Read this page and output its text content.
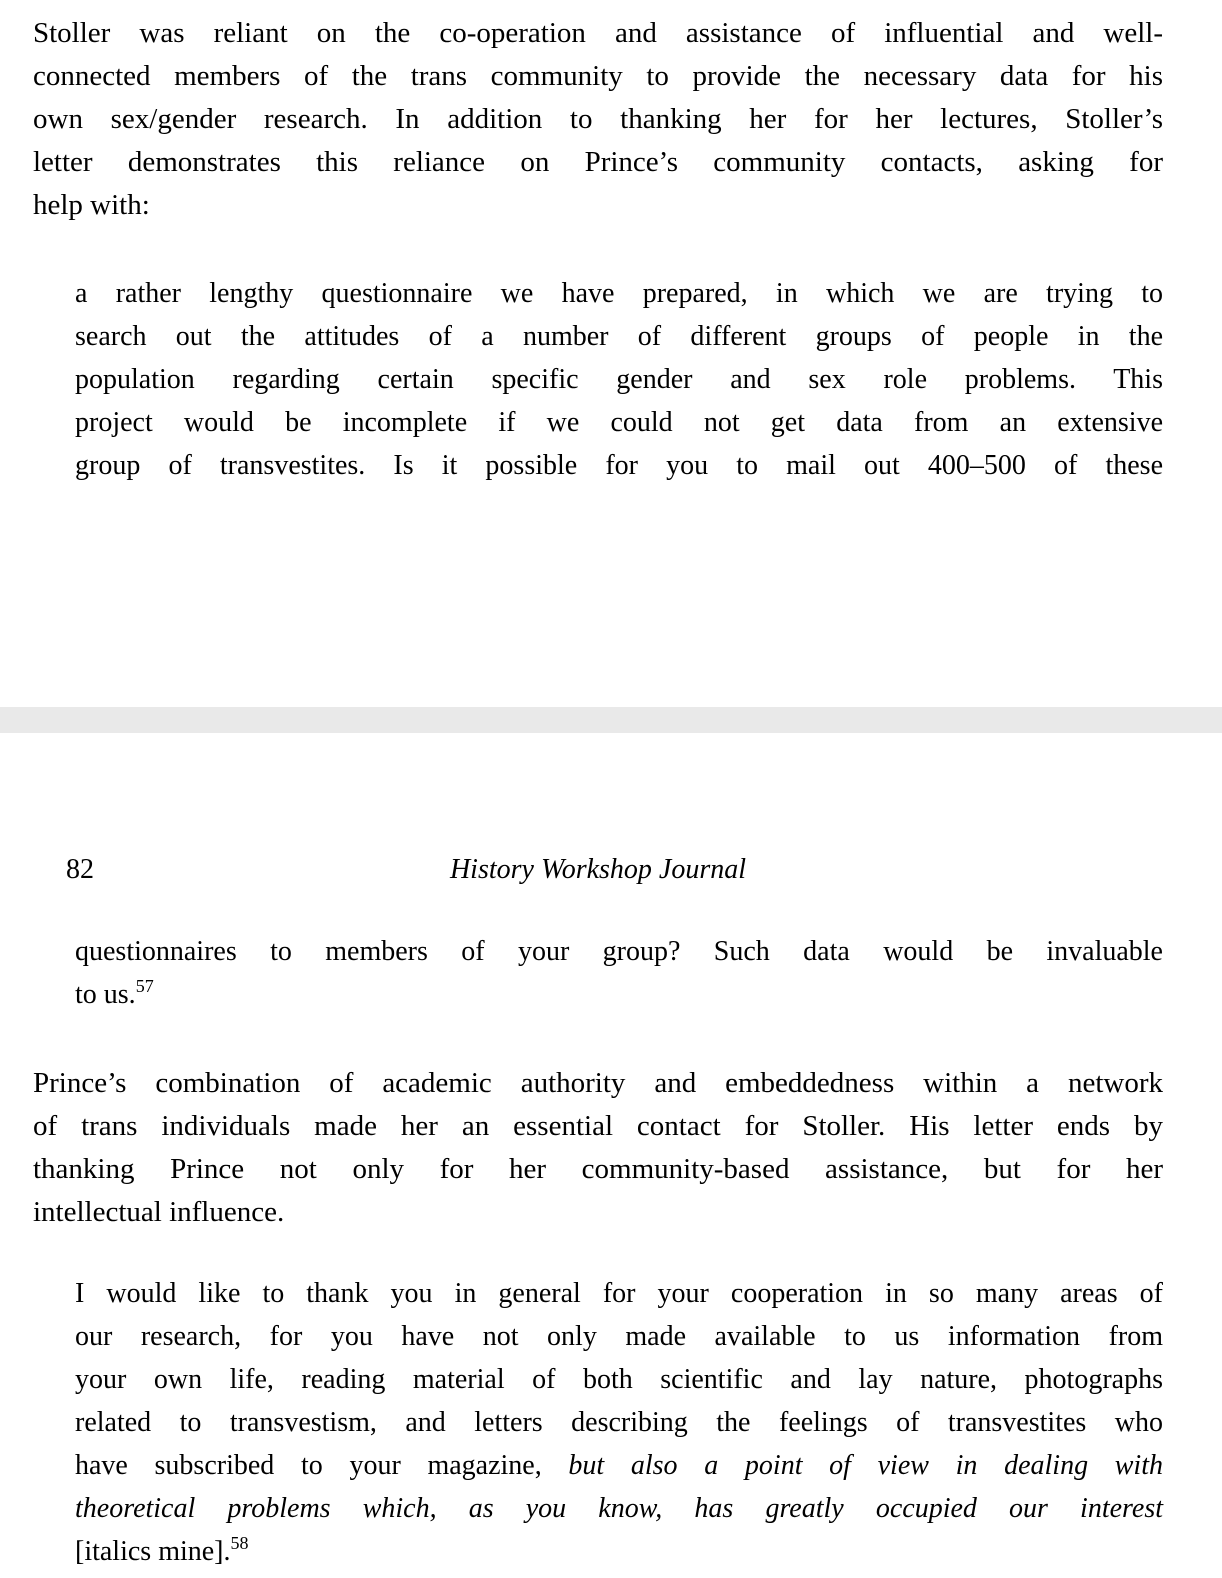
Stoller was reliant on the co-operation and assistance of influential and well-
connected members of the trans community to provide the necessary data for his
own sex/gender research. In addition to thanking her for her lectures, Stoller’s
letter demonstrates this reliance on Prince’s community contacts, asking for
help with:
a rather lengthy questionnaire we have prepared, in which we are trying to
search out the attitudes of a number of different groups of people in the
population regarding certain specific gender and sex role problems. This
project would be incomplete if we could not get data from an extensive
group of transvestites. Is it possible for you to mail out 400–500 of these
82	History Workshop Journal
questionnaires to members of your group? Such data would be invaluable
to us.$^{57}$
Prince’s combination of academic authority and embeddedness within a network
of trans individuals made her an essential contact for Stoller. His letter ends by
thanking Prince not only for her community-based assistance, but for her
intellectual influence.
I would like to thank you in general for your cooperation in so many areas of
our research, for you have not only made available to us information from
your own life, reading material of both scientific and lay nature, photographs
related to transvestism, and letters describing the feelings of transvestites who
have subscribed to your magazine, but also a point of view in dealing with
theoretical problems which, as you know, has greatly occupied our interest
[italics mine].$^{58}$
